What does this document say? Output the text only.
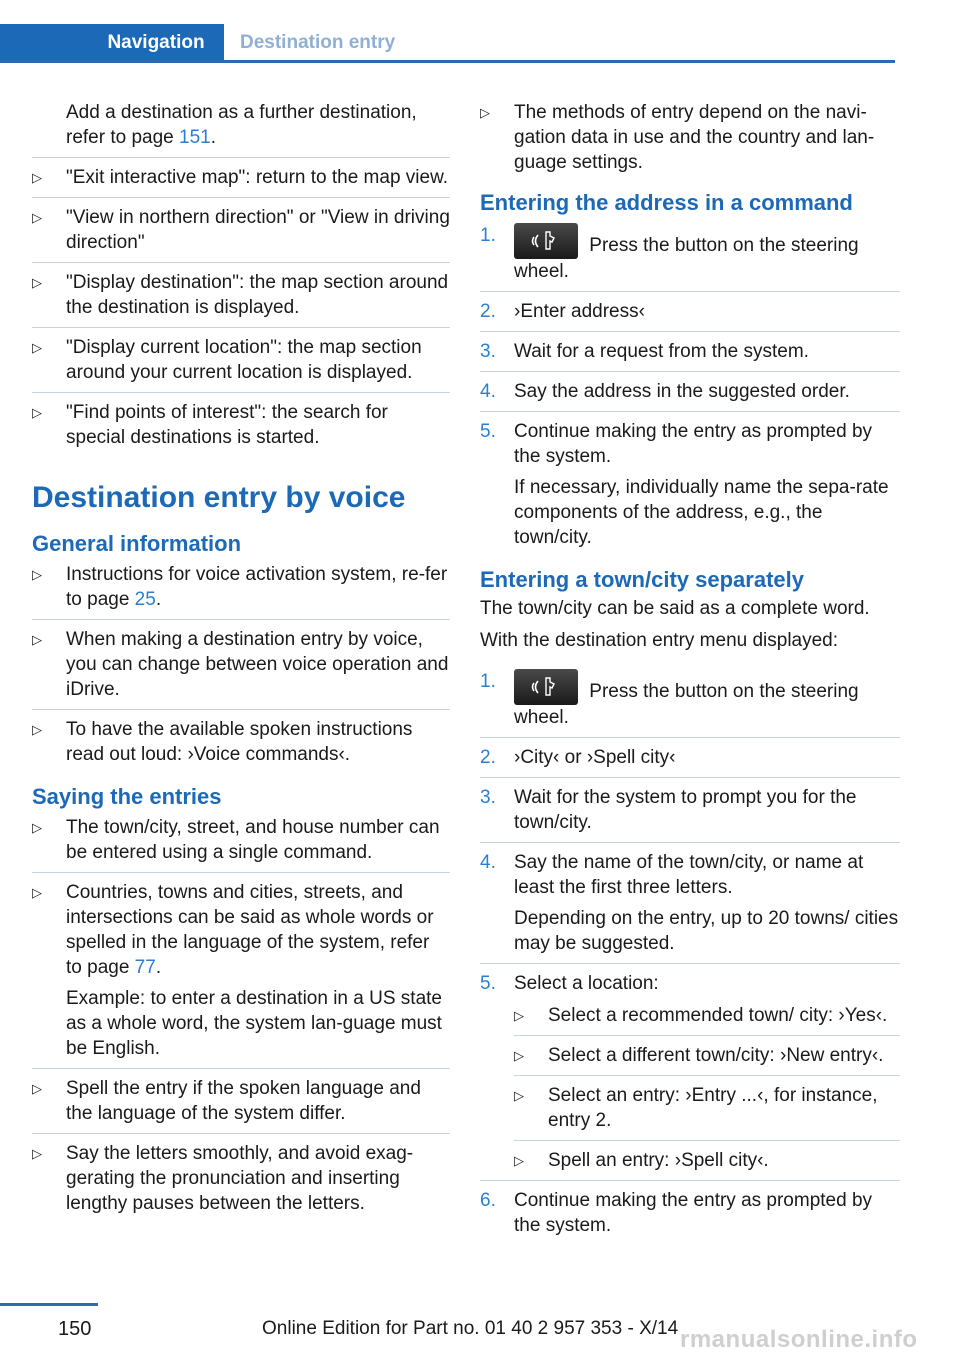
Navigation	Destination entry
Add a destination as a further destination, refer to page 151.
▷ "Exit interactive map": return to the map view.
▷ "View in northern direction" or "View in driving direction"
▷ "Display destination": the map section around the destination is displayed.
▷ "Display current location": the map section around your current location is displayed.
▷ "Find points of interest": the search for special destinations is started.
Destination entry by voice
General information
▷ Instructions for voice activation system, re-fer to page 25.
▷ When making a destination entry by voice, you can change between voice operation and iDrive.
▷ To have the available spoken instructions read out loud: ›Voice commands‹.
Saying the entries
▷ The town/city, street, and house number can be entered using a single command.
▷ Countries, towns and cities, streets, and intersections can be said as whole words or spelled in the language of the system, refer to page 77.

Example: to enter a destination in a US state as a whole word, the system lan-guage must be English.

▷ Spell the entry if the spoken language and the language of the system differ.
▷ Say the letters smoothly, and avoid exag-gerating the pronunciation and inserting lengthy pauses between the letters.
▷ The methods of entry depend on the navi-gation data in use and the country and lan-guage settings.
Entering the address in a command
1.	Press the button on the steering wheel.
2. ›Enter address‹
3. Wait for a request from the system.
4. Say the address in the suggested order.
5. Continue making the entry as prompted by the system.

If necessary, individually name the sepa-rate components of the address, e.g., the town/city.

Entering a town/city separately

The town/city can be said as a complete word.

With the destination entry menu displayed:

1.	Press the button on the steering wheel.
2. ›City‹ or ›Spell city‹
3. Wait for the system to prompt you for the town/city.
4. Say the name of the town/city, or name at least the first three letters.

Depending on the entry, up to 20 towns/ cities may be suggested.

5. Select a location:
▷ Select a recommended town/ city: ›Yes‹.
▷ Select a different town/city: ›New entry‹.
▷ Select an entry: ›Entry ...‹, for instance, entry 2.
▷ Spell an entry: ›Spell city‹.
6. Continue making the entry as prompted by the system.
150	Online Edition for Part no. 01 40 2 957 353 - X/14 rmanualsonline.info
